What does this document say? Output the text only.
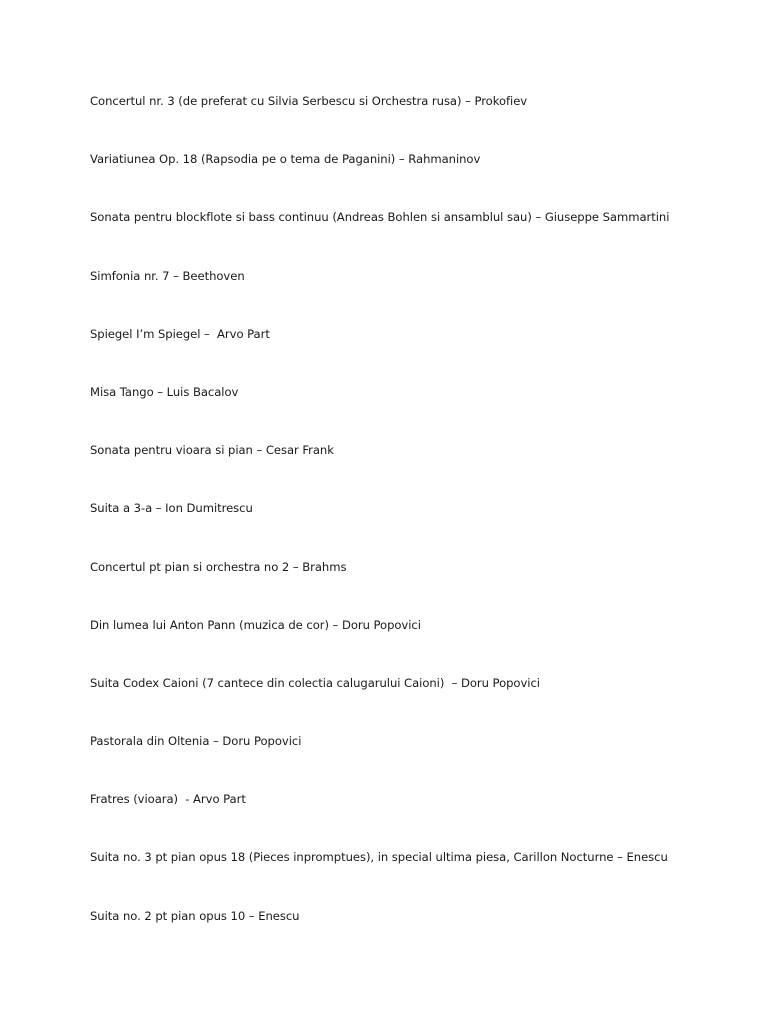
Concertul nr. 3 (de preferat cu Silvia Serbescu si Orchestra rusa) – Prokofiev
Variatiunea Op. 18 (Rapsodia pe o tema de Paganini) – Rahmaninov
Sonata pentru blockflote si bass continuu (Andreas Bohlen si ansamblul sau) – Giuseppe Sammartini
Simfonia nr. 7 – Beethoven
Spiegel I’m Spiegel –  Arvo Part
Misa Tango – Luis Bacalov
Sonata pentru vioara si pian – Cesar Frank
Suita a 3-a – Ion Dumitrescu
Concertul pt pian si orchestra no 2 – Brahms
Din lumea lui Anton Pann (muzica de cor) – Doru Popovici
Suita Codex Caioni (7 cantece din colectia calugarului Caioni)  – Doru Popovici
Pastorala din Oltenia – Doru Popovici
Fratres (vioara)  - Arvo Part
Suita no. 3 pt pian opus 18 (Pieces inpromptues), in special ultima piesa, Carillon Nocturne – Enescu
Suita no. 2 pt pian opus 10 – Enescu
